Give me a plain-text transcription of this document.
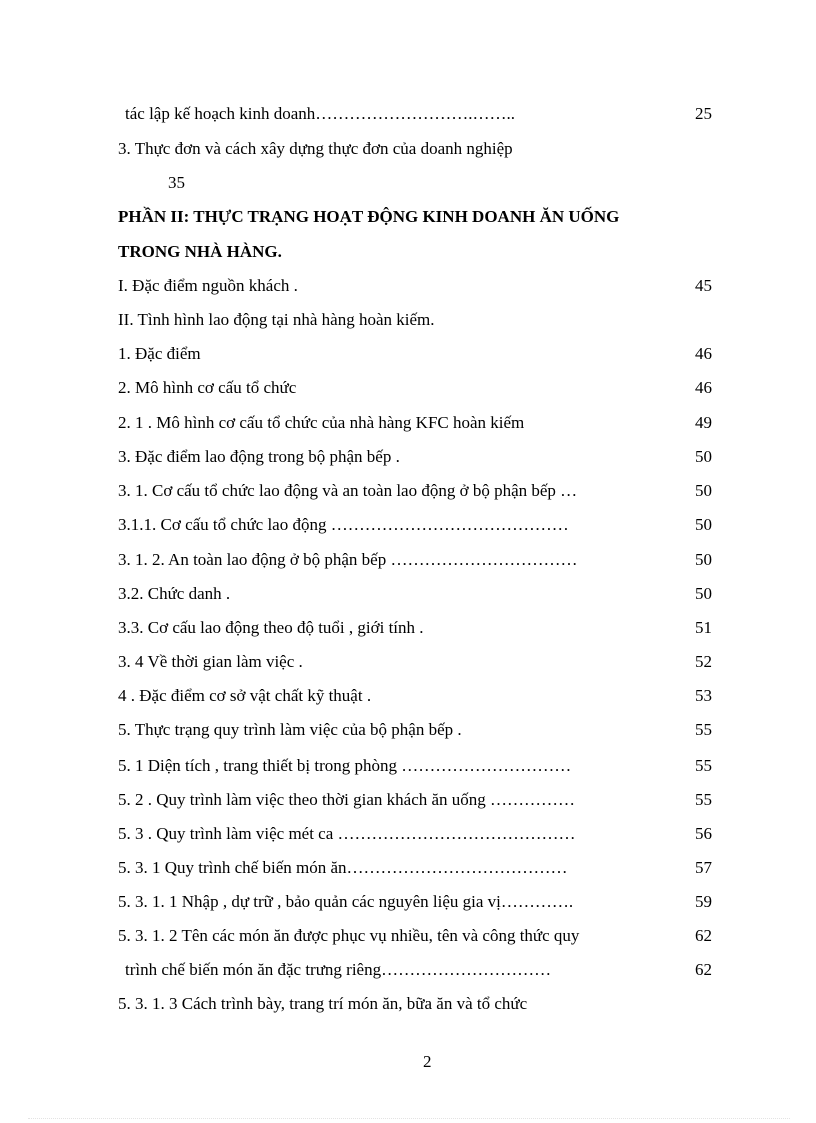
tác lập kế hoạch kinh doanh……………………….……..	25
3. Thực đơn và cách xây dựng thực đơn của doanh nghiệp
35
PHẦN II: THỰC TRẠNG HOẠT ĐỘNG KINH DOANH ĂN UỐNG
TRONG NHÀ HÀNG.
I. Đặc điểm nguồn khách .	45
II. Tình hình lao động tại nhà hàng hoàn kiếm.
1. Đặc điểm	46
2. Mô hình cơ cấu tổ chức	46
2. 1 . Mô hình cơ cấu tổ chức của nhà hàng KFC hoàn kiếm	49
3. Đặc điểm lao động trong bộ phận bếp .	50
3. 1. Cơ cấu tổ chức lao động và an toàn lao động ở bộ phận bếp …	50
3.1.1. Cơ cấu tổ chức lao động ……………………………………	50
3. 1. 2. An toàn lao động ở bộ phận bếp ……………………………	50
3.2. Chức danh .	50
3.3. Cơ cấu lao động theo độ tuổi , giới tính .	51
3. 4 Về thời gian làm việc .	52
4 . Đặc điểm cơ sở vật chất kỹ thuật .	53
5. Thực trạng quy trình làm việc của bộ phận bếp .	55
5. 1 Diện tích , trang thiết bị trong phòng …………………………	55
5. 2 . Quy trình làm việc theo thời gian khách ăn uống ……………	55
5. 3 . Quy trình làm việc mét ca ……………………………………	56
5. 3. 1 Quy trình chế biến món ăn…………………………………	57
5. 3. 1. 1 Nhập , dự trữ , bảo quản các nguyên liệu gia vị………….	59
5. 3. 1. 2 Tên các món ăn được phục vụ nhiều, tên và công thức quy	62
trình chế biến món ăn đặc trưng riêng…………………………	62
5. 3. 1. 3 Cách trình bày, trang trí món ăn, bữa ăn và tổ chức
2
